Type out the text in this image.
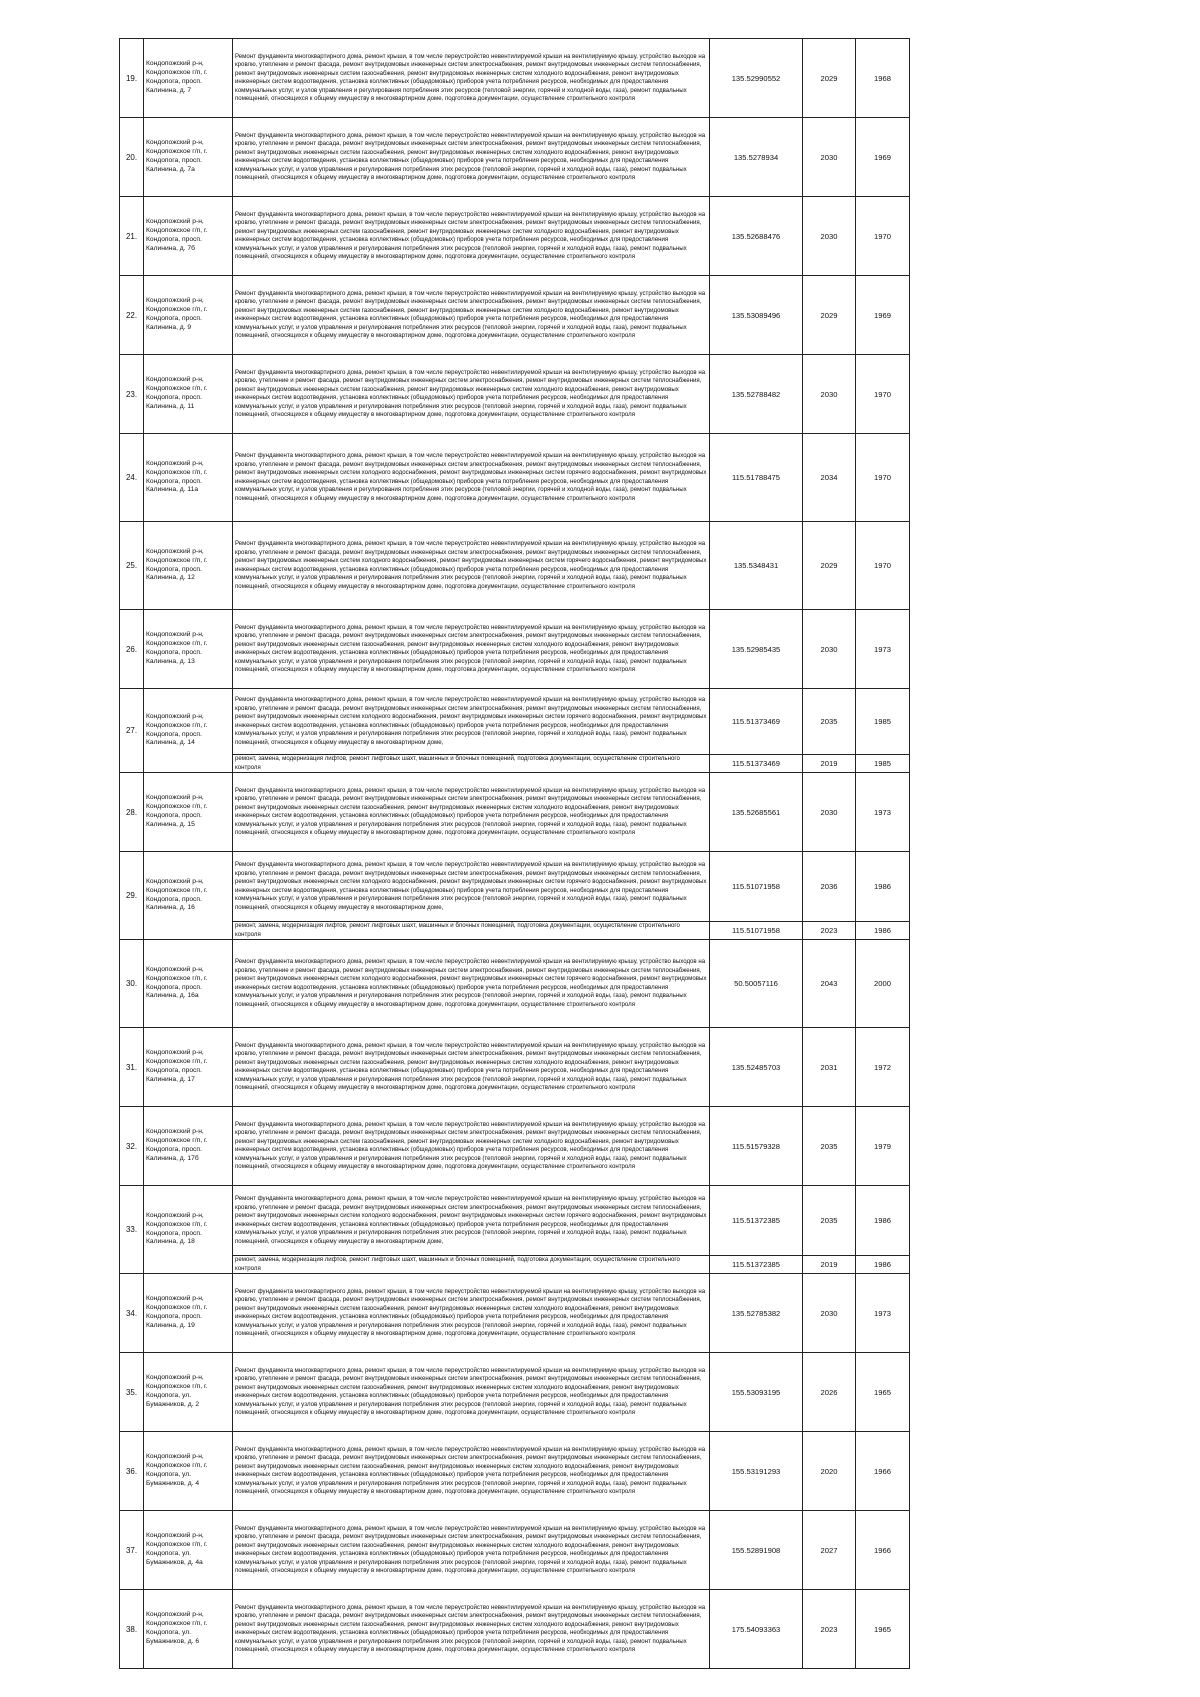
19.	Кондопожский р-н, Кондопожское г/п, г. Кондопога, просп. Калинина, д. 7	Ремонт фундамента многоквартирного дома, ремонт крыши, в том числе переустройство невентилируемой крыши на вентилируемую крышу, устройство выходов на кровлю, утепление и ремонт фасада, ремонт внутридомовых инженерных систем электроснабжения, ремонт внутридомовых инженерных систем теплоснабжения, ремонт внутридомовых инженерных систем газоснабжения, ремонт внутридомовых инженерных систем холодного водоснабжения, ремонт внутридомовых инженерных систем водоотведения, установка коллективных (общедомовых) приборов учета потребления ресурсов, необходимых для предоставления коммунальных услуг, и узлов управления и регулирования потребления этих ресурсов (тепловой энергии, горячей и холодной воды, газа), ремонт подвальных помещений, относящихся к общему имуществу в многоквартирном доме, подготовка документации, осуществление строительного контроля	135.52990552	2029	1968
20.	Кондопожский р-н, Кондопожское г/п, г. Кондопога, просп. Калинина, д. 7а	Ремонт фундамента многоквартирного дома, ремонт крыши, в том числе переустройство невентилируемой крыши на вентилируемую крышу, устройство выходов на кровлю, утепление и ремонт фасада, ремонт внутридомовых инженерных систем электроснабжения, ремонт внутридомовых инженерных систем теплоснабжения, ремонт внутридомовых инженерных систем газоснабжения, ремонт внутридомовых инженерных систем холодного водоснабжения, ремонт внутридомовых инженерных систем водоотведения, установка коллективных (общедомовых) приборов учета потребления ресурсов, необходимых для предоставления коммунальных услуг, и узлов управления и регулирования потребления этих ресурсов (тепловой энергии, горячей и холодной воды, газа), ремонт подвальных помещений, относящихся к общему имуществу в многоквартирном доме, подготовка документации, осуществление строительного контроля	135.5278934	2030	1969
21.	Кондопожский р-н, Кондопожское г/п, г. Кондопога, просп. Калинина, д. 7б	Ремонт фундамента многоквартирного дома, ремонт крыши, в том числе переустройство невентилируемой крыши на вентилируемую крышу, устройство выходов на кровлю, утепление и ремонт фасада, ремонт внутридомовых инженерных систем электроснабжения, ремонт внутридомовых инженерных систем теплоснабжения, ремонт внутридомовых инженерных систем газоснабжения, ремонт внутридомовых инженерных систем холодного водоснабжения, ремонт внутридомовых инженерных систем водоотведения, установка коллективных (общедомовых) приборов учета потребления ресурсов, необходимых для предоставления коммунальных услуг, и узлов управления и регулирования потребления этих ресурсов (тепловой энергии, горячей и холодной воды, газа), ремонт подвальных помещений, относящихся к общему имуществу в многоквартирном доме, подготовка документации, осуществление строительного контроля	135.52688476	2030	1970
22.	Кондопожский р-н, Кондопожское г/п, г. Кондопога, просп. Калинина, д. 9	Ремонт фундамента многоквартирного дома, ремонт крыши, в том числе переустройство невентилируемой крыши на вентилируемую крышу, устройство выходов на кровлю, утепление и ремонт фасада, ремонт внутридомовых инженерных систем электроснабжения, ремонт внутридомовых инженерных систем теплоснабжения, ремонт внутридомовых инженерных систем газоснабжения, ремонт внутридомовых инженерных систем холодного водоснабжения, ремонт внутридомовых инженерных систем водоотведения, установка коллективных (общедомовых) приборов учета потребления ресурсов, необходимых для предоставления коммунальных услуг, и узлов управления и регулирования потребления этих ресурсов (тепловой энергии, горячей и холодной воды, газа), ремонт подвальных помещений, относящихся к общему имуществу в многоквартирном доме, подготовка документации, осуществление строительного контроля	135.53089496	2029	1969
23.	Кондопожский р-н, Кондопожское г/п, г. Кондопога, просп. Калинина, д. 11	Ремонт фундамента многоквартирного дома, ремонт крыши, в том числе переустройство невентилируемой крыши на вентилируемую крышу, устройство выходов на кровлю, утепление и ремонт фасада, ремонт внутридомовых инженерных систем электроснабжения, ремонт внутридомовых инженерных систем теплоснабжения, ремонт внутридомовых инженерных систем газоснабжения, ремонт внутридомовых инженерных систем холодного водоснабжения, ремонт внутридомовых инженерных систем водоотведения, установка коллективных (общедомовых) приборов учета потребления ресурсов, необходимых для предоставления коммунальных услуг, и узлов управления и регулирования потребления этих ресурсов (тепловой энергии, горячей и холодной воды, газа), ремонт подвальных помещений, относящихся к общему имуществу в многоквартирном доме, подготовка документации, осуществление строительного контроля	135.52788482	2030	1970
24.	Кондопожский р-н, Кондопожское г/п, г. Кондопога, просп. Калинина, д. 11а	Ремонт фундамента многоквартирного дома, ремонт крыши, в том числе переустройство невентилируемой крыши на вентилируемую крышу, устройство выходов на кровлю, утепление и ремонт фасада, ремонт внутридомовых инженерных систем электроснабжения, ремонт внутридомовых инженерных систем теплоснабжения, ремонт внутридомовых инженерных систем холодного водоснабжения, ремонт внутридомовых инженерных систем горячего водоснабжения, ремонт внутридомовых инженерных систем водоотведения, установка коллективных (общедомовых) приборов учета потребления ресурсов, необходимых для предоставления коммунальных услуг, и узлов управления и регулирования потребления этих ресурсов (тепловой энергии, горячей и холодной воды, газа), ремонт подвальных помещений, относящихся к общему имуществу в многоквартирном доме, подготовка документации, осуществление строительного контроля	115.51788475	2034	1970
25.	Кондопожский р-н, Кондопожское г/п, г. Кондопога, просп. Калинина, д. 12	Ремонт фундамента многоквартирного дома, ремонт крыши, в том числе переустройство невентилируемой крыши на вентилируемую крышу, устройство выходов на кровлю, утепление и ремонт фасада, ремонт внутридомовых инженерных систем электроснабжения, ремонт внутридомовых инженерных систем теплоснабжения, ремонт внутридомовых инженерных систем холодного водоснабжения, ремонт внутридомовых инженерных систем горячего водоснабжения, ремонт внутридомовых инженерных систем водоотведения, установка коллективных (общедомовых) приборов учета потребления ресурсов, необходимых для предоставления коммунальных услуг, и узлов управления и регулирования потребления этих ресурсов (тепловой энергии, горячей и холодной воды, газа), ремонт подвальных помещений, относящихся к общему имуществу в многоквартирном доме, подготовка документации, осуществление строительного контроля	135.5348431	2029	1970
26.	Кондопожский р-н, Кондопожское г/п, г. Кондопога, просп. Калинина, д. 13	Ремонт фундамента многоквартирного дома, ремонт крыши, в том числе переустройство невентилируемой крыши на вентилируемую крышу, устройство выходов на кровлю, утепление и ремонт фасада, ремонт внутридомовых инженерных систем электроснабжения, ремонт внутридомовых инженерных систем теплоснабжения, ремонт внутридомовых инженерных систем газоснабжения, ремонт внутридомовых инженерных систем холодного водоснабжения, ремонт внутридомовых инженерных систем водоотведения, установка коллективных (общедомовых) приборов учета потребления ресурсов, необходимых для предоставления коммунальных услуг, и узлов управления и регулирования потребления этих ресурсов (тепловой энергии, горячей и холодной воды, газа), ремонт подвальных помещений, относящихся к общему имуществу в многоквартирном доме, подготовка документации, осуществление строительного контроля	135.52985435	2030	1973
27.	Кондопожский р-н, Кондопожское г/п, г. Кондопога, просп. Калинина, д. 14	Ремонт фундамента многоквартирного дома, ремонт крыши, в том числе переустройство невентилируемой крыши на вентилируемую крышу, устройство выходов на кровлю, утепление и ремонт фасада, ремонт внутридомовых инженерных систем электроснабжения, ремонт внутридомовых инженерных систем теплоснабжения, ремонт внутридомовых инженерных систем холодного водоснабжения, ремонт внутридомовых инженерных систем горячего водоснабжения, ремонт внутридомовых инженерных систем водоотведения, установка коллективных (общедомовых) приборов учета потребления ресурсов, необходимых для предоставления коммунальных услуг, и узлов управления и регулирования потребления этих ресурсов (тепловой энергии, горячей и холодной воды, газа), ремонт подвальных помещений, относящихся к общему имуществу в многоквартирном доме,	115.51373469	2035	1985
		ремонт, замена, модернизация лифтов, ремонт лифтовых шахт, машинных и блочных помещений, подготовка документации, осуществление строительного контроля	115.51373469	2019	1985
28.	Кондопожский р-н, Кондопожское г/п, г. Кондопога, просп. Калинина, д. 15	Ремонт фундамента многоквартирного дома, ремонт крыши, в том числе переустройство невентилируемой крыши на вентилируемую крышу, устройство выходов на кровлю, утепление и ремонт фасада, ремонт внутридомовых инженерных систем электроснабжения, ремонт внутридомовых инженерных систем теплоснабжения, ремонт внутридомовых инженерных систем газоснабжения, ремонт внутридомовых инженерных систем холодного водоснабжения, ремонт внутридомовых инженерных систем водоотведения, установка коллективных (общедомовых) приборов учета потребления ресурсов, необходимых для предоставления коммунальных услуг, и узлов управления и регулирования потребления этих ресурсов (тепловой энергии, горячей и холодной воды, газа), ремонт подвальных помещений, относящихся к общему имуществу в многоквартирном доме, подготовка документации, осуществление строительного контроля	135.52685561	2030	1973
29.	Кондопожский р-н, Кондопожское г/п, г. Кондопога, просп. Калинина, д. 16	Ремонт фундамента многоквартирного дома, ремонт крыши, в том числе переустройство невентилируемой крыши на вентилируемую крышу, устройство выходов на кровлю, утепление и ремонт фасада, ремонт внутридомовых инженерных систем электроснабжения, ремонт внутридомовых инженерных систем теплоснабжения, ремонт внутридомовых инженерных систем холодного водоснабжения, ремонт внутридомовых инженерных систем горячего водоснабжения, ремонт внутридомовых инженерных систем водоотведения, установка коллективных (общедомовых) приборов учета потребления ресурсов, необходимых для предоставления коммунальных услуг, и узлов управления и регулирования потребления этих ресурсов (тепловой энергии, горячей и холодной воды, газа), ремонт подвальных помещений, относящихся к общему имуществу в многоквартирном доме,	115.51071958	2036	1986
		ремонт, замена, модернизация лифтов, ремонт лифтовых шахт, машинных и блочных помещений, подготовка документации, осуществление строительного контроля	115.51071958	2023	1986
30.	Кондопожский р-н, Кондопожское г/п, г. Кондопога, просп. Калинина, д. 16а	Ремонт фундамента многоквартирного дома, ремонт крыши, в том числе переустройство невентилируемой крыши на вентилируемую крышу, устройство выходов на кровлю, утепление и ремонт фасада, ремонт внутридомовых инженерных систем электроснабжения, ремонт внутридомовых инженерных систем теплоснабжения, ремонт внутридомовых инженерных систем холодного водоснабжения, ремонт внутридомовых инженерных систем горячего водоснабжения, ремонт внутридомовых инженерных систем водоотведения, установка коллективных (общедомовых) приборов учета потребления ресурсов, необходимых для предоставления коммунальных услуг, и узлов управления и регулирования потребления этих ресурсов (тепловой энергии, горячей и холодной воды, газа), ремонт подвальных помещений, относящихся к общему имуществу в многоквартирном доме, подготовка документации, осуществление строительного контроля	50.50057116	2043	2000
31.	Кондопожский р-н, Кондопожское г/п, г. Кондопога, просп. Калинина, д. 17	Ремонт фундамента многоквартирного дома, ремонт крыши, в том числе переустройство невентилируемой крыши на вентилируемую крышу, устройство выходов на кровлю, утепление и ремонт фасада, ремонт внутридомовых инженерных систем электроснабжения, ремонт внутридомовых инженерных систем теплоснабжения, ремонт внутридомовых инженерных систем газоснабжения, ремонт внутридомовых инженерных систем холодного водоснабжения, ремонт внутридомовых инженерных систем водоотведения, установка коллективных (общедомовых) приборов учета потребления ресурсов, необходимых для предоставления коммунальных услуг, и узлов управления и регулирования потребления этих ресурсов (тепловой энергии, горячей и холодной воды, газа), ремонт подвальных помещений, относящихся к общему имуществу в многоквартирном доме, подготовка документации, осуществление строительного контроля	135.52485703	2031	1972
32.	Кондопожский р-н, Кондопожское г/п, г. Кондопога, просп. Калинина, д. 17б	Ремонт фундамента многоквартирного дома, ремонт крыши, в том числе переустройство невентилируемой крыши на вентилируемую крышу, устройство выходов на кровлю, утепление и ремонт фасада, ремонт внутридомовых инженерных систем электроснабжения, ремонт внутридомовых инженерных систем теплоснабжения, ремонт внутридомовых инженерных систем газоснабжения, ремонт внутридомовых инженерных систем холодного водоснабжения, ремонт внутридомовых инженерных систем водоотведения, установка коллективных (общедомовых) приборов учета потребления ресурсов, необходимых для предоставления коммунальных услуг, и узлов управления и регулирования потребления этих ресурсов (тепловой энергии, горячей и холодной воды, газа), ремонт подвальных помещений, относящихся к общему имуществу в многоквартирном доме, подготовка документации, осуществление строительного контроля	115.51579328	2035	1979
33.	Кондопожский р-н, Кондопожское г/п, г. Кондопога, просп. Калинина, д. 18	Ремонт фундамента многоквартирного дома, ремонт крыши, в том числе переустройство невентилируемой крыши на вентилируемую крышу, устройство выходов на кровлю, утепление и ремонт фасада, ремонт внутридомовых инженерных систем электроснабжения, ремонт внутридомовых инженерных систем теплоснабжения, ремонт внутридомовых инженерных систем холодного водоснабжения, ремонт внутридомовых инженерных систем горячего водоснабжения, ремонт внутридомовых инженерных систем водоотведения, установка коллективных (общедомовых) приборов учета потребления ресурсов, необходимых для предоставления коммунальных услуг, и узлов управления и регулирования потребления этих ресурсов (тепловой энергии, горячей и холодной воды, газа), ремонт подвальных помещений, относящихся к общему имуществу в многоквартирном доме,	115.51372385	2035	1986
		ремонт, замена, модернизация лифтов, ремонт лифтовых шахт, машинных и блочных помещений, подготовка документации, осуществление строительного контроля	115.51372385	2019	1986
34.	Кондопожский р-н, Кондопожское г/п, г. Кондопога, просп. Калинина, д. 19	Ремонт фундамента многоквартирного дома, ремонт крыши, в том числе переустройство невентилируемой крыши на вентилируемую крышу, устройство выходов на кровлю, утепление и ремонт фасада, ремонт внутридомовых инженерных систем электроснабжения, ремонт внутридомовых инженерных систем теплоснабжения, ремонт внутридомовых инженерных систем газоснабжения, ремонт внутридомовых инженерных систем холодного водоснабжения, ремонт внутридомовых инженерных систем водоотведения, установка коллективных (общедомовых) приборов учета потребления ресурсов, необходимых для предоставления коммунальных услуг, и узлов управления и регулирования потребления этих ресурсов (тепловой энергии, горячей и холодной воды, газа), ремонт подвальных помещений, относящихся к общему имуществу в многоквартирном доме, подготовка документации, осуществление строительного контроля	135.52785382	2030	1973
35.	Кондопожский р-н, Кондопожское г/п, г. Кондопога, ул. Бумажников, д. 2	Ремонт фундамента многоквартирного дома, ремонт крыши, в том числе переустройство невентилируемой крыши на вентилируемую крышу, устройство выходов на кровлю, утепление и ремонт фасада, ремонт внутридомовых инженерных систем электроснабжения, ремонт внутридомовых инженерных систем теплоснабжения, ремонт внутридомовых инженерных систем газоснабжения, ремонт внутридомовых инженерных систем холодного водоснабжения, ремонт внутридомовых инженерных систем водоотведения, установка коллективных (общедомовых) приборов учета потребления ресурсов, необходимых для предоставления коммунальных услуг, и узлов управления и регулирования потребления этих ресурсов (тепловой энергии, горячей и холодной воды, газа), ремонт подвальных помещений, относящихся к общему имуществу в многоквартирном доме, подготовка документации, осуществление строительного контроля	155.53093195	2026	1965
36.	Кондопожский р-н, Кондопожское г/п, г. Кондопога, ул. Бумажников, д. 4	Ремонт фундамента многоквартирного дома, ремонт крыши, в том числе переустройство невентилируемой крыши на вентилируемую крышу, устройство выходов на кровлю, утепление и ремонт фасада, ремонт внутридомовых инженерных систем электроснабжения, ремонт внутридомовых инженерных систем теплоснабжения, ремонт внутридомовых инженерных систем газоснабжения, ремонт внутридомовых инженерных систем холодного водоснабжения, ремонт внутридомовых инженерных систем водоотведения, установка коллективных (общедомовых) приборов учета потребления ресурсов, необходимых для предоставления коммунальных услуг, и узлов управления и регулирования потребления этих ресурсов (тепловой энергии, горячей и холодной воды, газа), ремонт подвальных помещений, относящихся к общему имуществу в многоквартирном доме, подготовка документации, осуществление строительного контроля	155.53191293	2020	1966
37.	Кондопожский р-н, Кондопожское г/п, г. Кондопога, ул. Бумажников, д. 4а	Ремонт фундамента многоквартирного дома, ремонт крыши, в том числе переустройство невентилируемой крыши на вентилируемую крышу, устройство выходов на кровлю, утепление и ремонт фасада, ремонт внутридомовых инженерных систем электроснабжения, ремонт внутридомовых инженерных систем теплоснабжения, ремонт внутридомовых инженерных систем газоснабжения, ремонт внутридомовых инженерных систем холодного водоснабжения, ремонт внутридомовых инженерных систем водоотведения, установка коллективных (общедомовых) приборов учета потребления ресурсов, необходимых для предоставления коммунальных услуг, и узлов управления и регулирования потребления этих ресурсов (тепловой энергии, горячей и холодной воды, газа), ремонт подвальных помещений, относящихся к общему имуществу в многоквартирном доме, подготовка документации, осуществление строительного контроля	155.52891908	2027	1966
38.	Кондопожский р-н, Кондопожское г/п, г. Кондопога, ул. Бумажников, д. 6	Ремонт фундамента многоквартирного дома, ремонт крыши, в том числе переустройство невентилируемой крыши на вентилируемую крышу, устройство выходов на кровлю, утепление и ремонт фасада, ремонт внутридомовых инженерных систем электроснабжения, ремонт внутридомовых инженерных систем теплоснабжения, ремонт внутридомовых инженерных систем газоснабжения, ремонт внутридомовых инженерных систем холодного водоснабжения, ремонт внутридомовых инженерных систем водоотведения, установка коллективных (общедомовых) приборов учета потребления ресурсов, необходимых для предоставления коммунальных услуг, и узлов управления и регулирования потребления этих ресурсов (тепловой энергии, горячей и холодной воды, газа), ремонт подвальных помещений, относящихся к общему имуществу в многоквартирном доме, подготовка документации, осуществление строительного контроля	175.54093363	2023	1965
